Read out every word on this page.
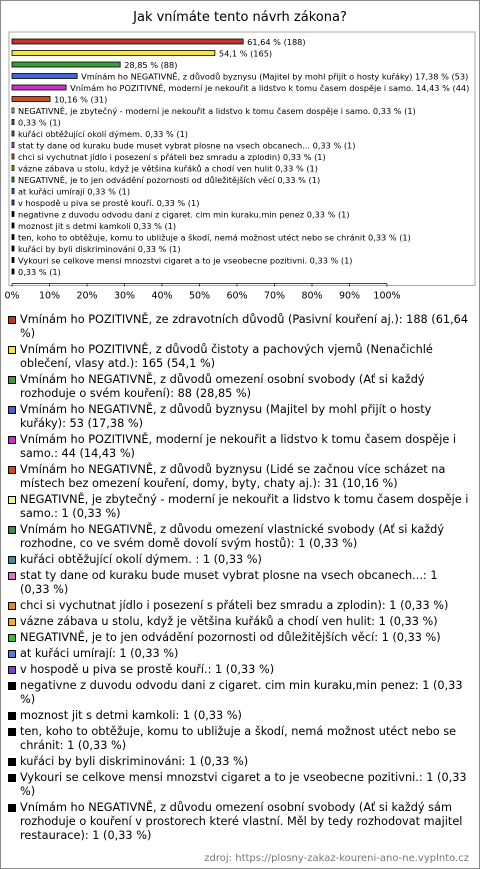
Jak vnímáte tento návrh zákona?
61,64 % (188)
54,1 % (165)
28,85 % (88)
Vmínám ho NEGATIVNĚ, z důvodů byznysu (Majitel by mohl přijít o hosty kuřáky) 17,38 % (53)
Vnímám ho POZITIVNĚ, moderní je nekouřit a lidstvo k tomu časem dospěje i samo. 14,43 % (44)
10,16 % (31)
NEGATIVNĚ, je zbytečný - moderní je nekouřit a lidstvo k tomu časem dospěje i samo. 0,33 % (1)
0,33 % (1)
kuřáci obtěžující okolí dýmem. 0,33 % (1)
stat ty dane od kuraku bude muset vybrat plosne na vsech obcanech... 0,33 % (1)
chci si vychutnat jídlo i posezení s přáteli bez smradu a zplodin) 0,33 % (1)
vázne zábava u stolu, když je většina kuřáků a chodí ven hulit 0,33 % (1)
NEGATIVNĚ, je to jen odvádění pozornosti od důležitějších věcí 0,33 % (1)
at kuřáci umírají 0,33 % (1)
v hospodě u piva se prostě kouří. 0,33 % (1)
negativne z duvodu odvodu dani z cigaret. cim min kuraku,min penez 0,33 % (1)
moznost jit s detmi kamkoli 0,33 % (1)
ten, koho to obtěžuje, komu to ubližuje a škodí, nemá možnost utéct nebo se chránit 0,33 % (1)
kuřáci by byli diskriminováni 0,33 % (1)
Vykouri se celkove mensi mnozstvi cigaret a to je vseobecne pozitivni. 0,33 % (1)
0,33 % (1)
0% 10% 20% 30% 40% 50% 60% 70% 80% 90% 100%
Vmínám ho POZITIVNĚ, ze zdravotních důvodů (Pasivní kouření aj.): 188 (61,64 %)
Vnímám ho POZITIVNĚ, z důvodů čistoty a pachových vjemů (Nenačichlé oblečení, vlasy atd.): 165 (54,1 %)
Vmínám ho NEGATIVNĚ, z důvodů omezení osobní svobody (Ať si každý rozhoduje o svém kouření): 88 (28,85 %)
Vmínám ho NEGATIVNĚ, z důvodů byznysu (Majitel by mohl přijít o hosty kuřáky): 53 (17,38 %)
Vnímám ho POZITIVNĚ, moderní je nekouřit a lidstvo k tomu časem dospěje i samo.: 44 (14,43 %)
Vmínám ho NEGATIVNĚ, z důvodů byznysu (Lidé se začnou více scházet na místech bez omezení kouření, domy, byty, chaty aj.): 31 (10,16 %)
NEGATIVNĚ, je zbytečný - moderní je nekouřit a lidstvo k tomu časem dospěje i samo.: 1 (0,33 %)
Vnímám ho NEGATIVNĚ, z důvodu omezení vlastnické svobody (Ať si každý rozhodne, co ve svém domě dovolí svým hostů): 1 (0,33 %)
kuřáci obtěžující okolí dýmem. : 1 (0,33 %)
stat ty dane od kuraku bude muset vybrat plosne na vsech obcanech...: 1 (0,33 %)
chci si vychutnat jídlo i posezení s přáteli bez smradu a zplodin): 1 (0,33 %)
vázne zábava u stolu, když je většina kuřáků a chodí ven hulit: 1 (0,33 %)
NEGATIVNĚ, je to jen odvádění pozornosti od důležitějších věcí: 1 (0,33 %)
at kuřáci umírají: 1 (0,33 %)
v hospodě u piva se prostě kouří.: 1 (0,33 %)
negativne z duvodu odvodu dani z cigaret. cim min kuraku,min penez: 1 (0,33 %)
moznost jit s detmi kamkoli: 1 (0,33 %)
ten, koho to obtěžuje, komu to ubližuje a škodí, nemá možnost utéct nebo se chránit: 1 (0,33 %)
kuřáci by byli diskriminováni: 1 (0,33 %)
Vykouri se celkove mensi mnozstvi cigaret a to je vseobecne pozitivni.: 1 (0,33 %)
Vnímám ho NEGATIVNĚ, z důvodu omezení osobní svobody (Ať si každý sám rozhoduje o kouření v prostorech které vlastní. Měl by tedy rozhodovat majitel restaurace): 1 (0,33 %)
zdroj: https://plosny-zakaz-koureni-ano-ne.vyplnto.cz
